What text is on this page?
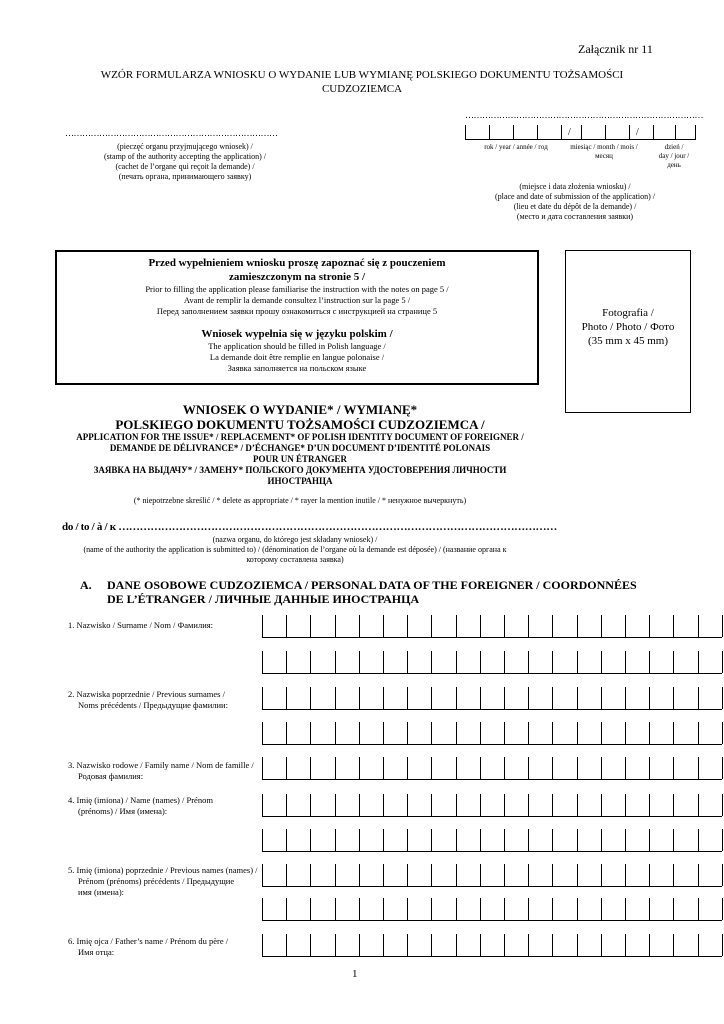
Załącznik nr 11
WZÓR FORMULARZA WNIOSKU O WYDANIE LUB WYMIANĘ POLSKIEGO DOKUMENTU TOŻSAMOŚCI
CUDZOZIEMCA
…………………………………………………………………
(pieczęć organu przyjmującego wniosek) /
(stamp of the authority accepting the application) /
(cachet de l’organe qui reçoit la demande) /
(печать органа, принимающего заявку)
…………………………………………………………………………
/	/
rok / year / année / год	miesiąc / month / mois /
месяц
dzień /
day / jour /
день
(miejsce i data złożenia wniosku) /
(place and date of submission of the application) /
(lieu et date du dépôt de la demande) /
(место и дата составления заявки)
Przed wypełnieniem wniosku proszę zapoznać się z pouczeniem
zamieszczonym na stronie 5 /
Prior to filling the application please familiarise the instruction with the notes on page 5 /
Avant de remplir la demande consultez l’instruction sur la page 5 /
Перед заполнением заявки прошу ознакомиться с инструкцией на странице 5
Wniosek wypełnia się w języku polskim /
The application should be filled in Polish language /
La demande doit être remplie en langue polonaise /
Заявка заполняется на польском языке
Fotografia /
Photo / Photo / Фото
(35 mm x 45 mm)
WNIOSEK O WYDANIE* / WYMIANĘ*
POLSKIEGO DOKUMENTU TOŻSAMOŚCI CUDZOZIEMCA /
APPLICATION FOR THE ISSUE* / REPLACEMENT* OF POLISH IDENTITY DOCUMENT OF FOREIGNER /
DEMANDE DE DÉLIVRANCE* / D’ÉCHANGE* D’UN DOCUMENT D’IDENTITÉ POLONAIS
POUR UN ÉTRANGER
ЗАЯВКА НА ВЫДАЧУ* / ЗАМЕНУ* ПОЛЬСКОГО ДОКУМЕНТА УДОСТОВЕРЕНИЯ ЛИЧНОСТИ
ИНОСТРАНЦА
(* niepotrzebne skreślić / * delete as appropriate / * rayer la mention inutile / * ненужное вычеркнуть)
do / to / à / к ……………………………………………………………………………………………………………
(nazwa organu, do którego jest składany wniosek) /
(name of the authority the application is submitted to) / (dénomination de l’organe où la demande est déposée) / (название органа к
которому составлена заявка)
A. DANE OSOBOWE CUDZOZIEMCA / PERSONAL DATA OF THE FOREIGNER / COORDONNÉES
DE L’ÉTRANGER / ЛИЧНЫЕ ДАННЫЕ ИНОСТРАНЦА
1. Nazwisko / Surname / Nom / Фамилия:
2. Nazwiska poprzednie / Previous surnames /
Noms précédents / Предыдущие фамилии:
3. Nazwisko rodowe / Family name / Nom de famille /
Родовая фамилия:
4. Imię (imiona) / Name (names) / Prénom
(prénoms) / Имя (имена):
5. Imię (imiona) poprzednie / Previous names (names) /
Prénom (prénoms) précédents / Предыдущие
имя (имена):
6. Imię ojca / Father’s name / Prénom du père /
Имя отца:
1
